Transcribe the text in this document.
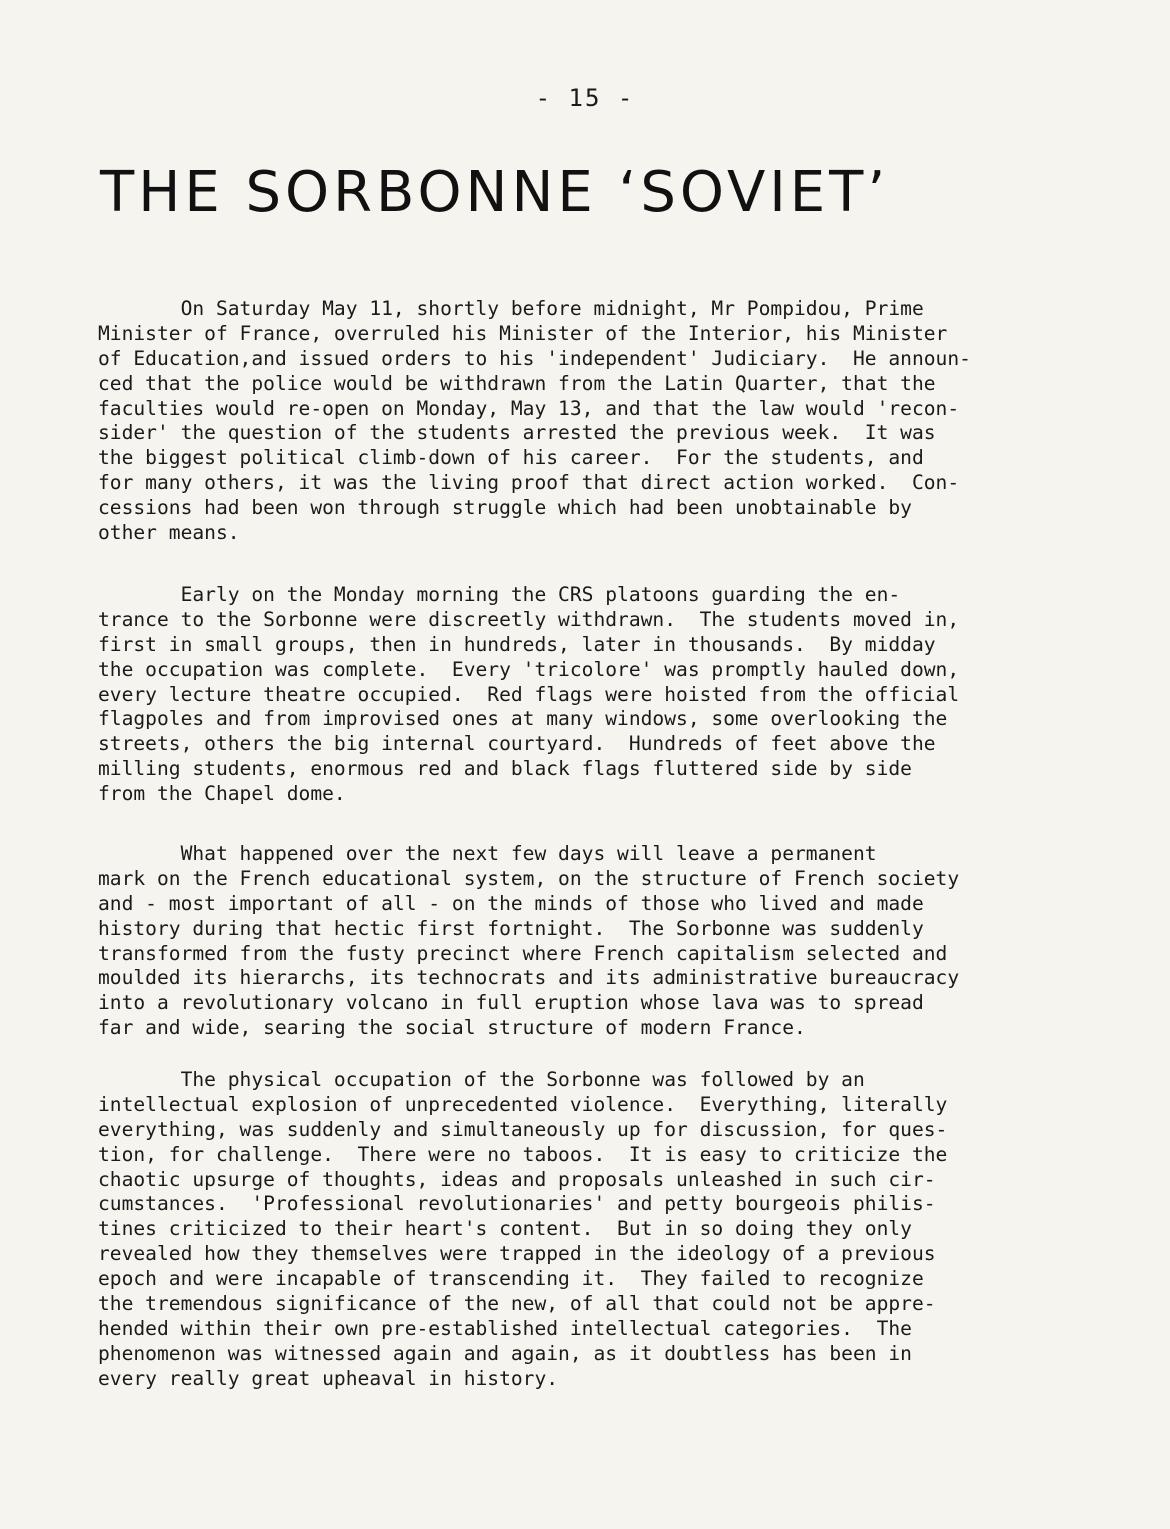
- 15 -
THE SORBONNE ‘SOVIET’
On Saturday May 11, shortly before midnight, Mr Pompidou, Prime
Minister of France, overruled his Minister of the Interior, his Minister
of Education,and issued orders to his 'independent' Judiciary.  He announ-
ced that the police would be withdrawn from the Latin Quarter, that the
faculties would re-open on Monday, May 13, and that the law would 'recon-
sider' the question of the students arrested the previous week.  It was
the biggest political climb-down of his career.  For the students, and
for many others, it was the living proof that direct action worked.  Con-
cessions had been won through struggle which had been unobtainable by
other means.
Early on the Monday morning the CRS platoons guarding the en-
trance to the Sorbonne were discreetly withdrawn.  The students moved in,
first in small groups, then in hundreds, later in thousands.  By midday
the occupation was complete.  Every 'tricolore' was promptly hauled down,
every lecture theatre occupied.  Red flags were hoisted from the official
flagpoles and from improvised ones at many windows, some overlooking the
streets, others the big internal courtyard.  Hundreds of feet above the
milling students, enormous red and black flags fluttered side by side
from the Chapel dome.
What happened over the next few days will leave a permanent
mark on the French educational system, on the structure of French society
and - most important of all - on the minds of those who lived and made
history during that hectic first fortnight.  The Sorbonne was suddenly
transformed from the fusty precinct where French capitalism selected and
moulded its hierarchs, its technocrats and its administrative bureaucracy
into a revolutionary volcano in full eruption whose lava was to spread
far and wide, searing the social structure of modern France.
The physical occupation of the Sorbonne was followed by an
intellectual explosion of unprecedented violence.  Everything, literally
everything, was suddenly and simultaneously up for discussion, for ques-
tion, for challenge.  There were no taboos.  It is easy to criticize the
chaotic upsurge of thoughts, ideas and proposals unleashed in such cir-
cumstances.  'Professional revolutionaries' and petty bourgeois philis-
tines criticized to their heart's content.  But in so doing they only
revealed how they themselves were trapped in the ideology of a previous
epoch and were incapable of transcending it.  They failed to recognize
the tremendous significance of the new, of all that could not be appre-
hended within their own pre-established intellectual categories.  The
phenomenon was witnessed again and again, as it doubtless has been in
every really great upheaval in history.
